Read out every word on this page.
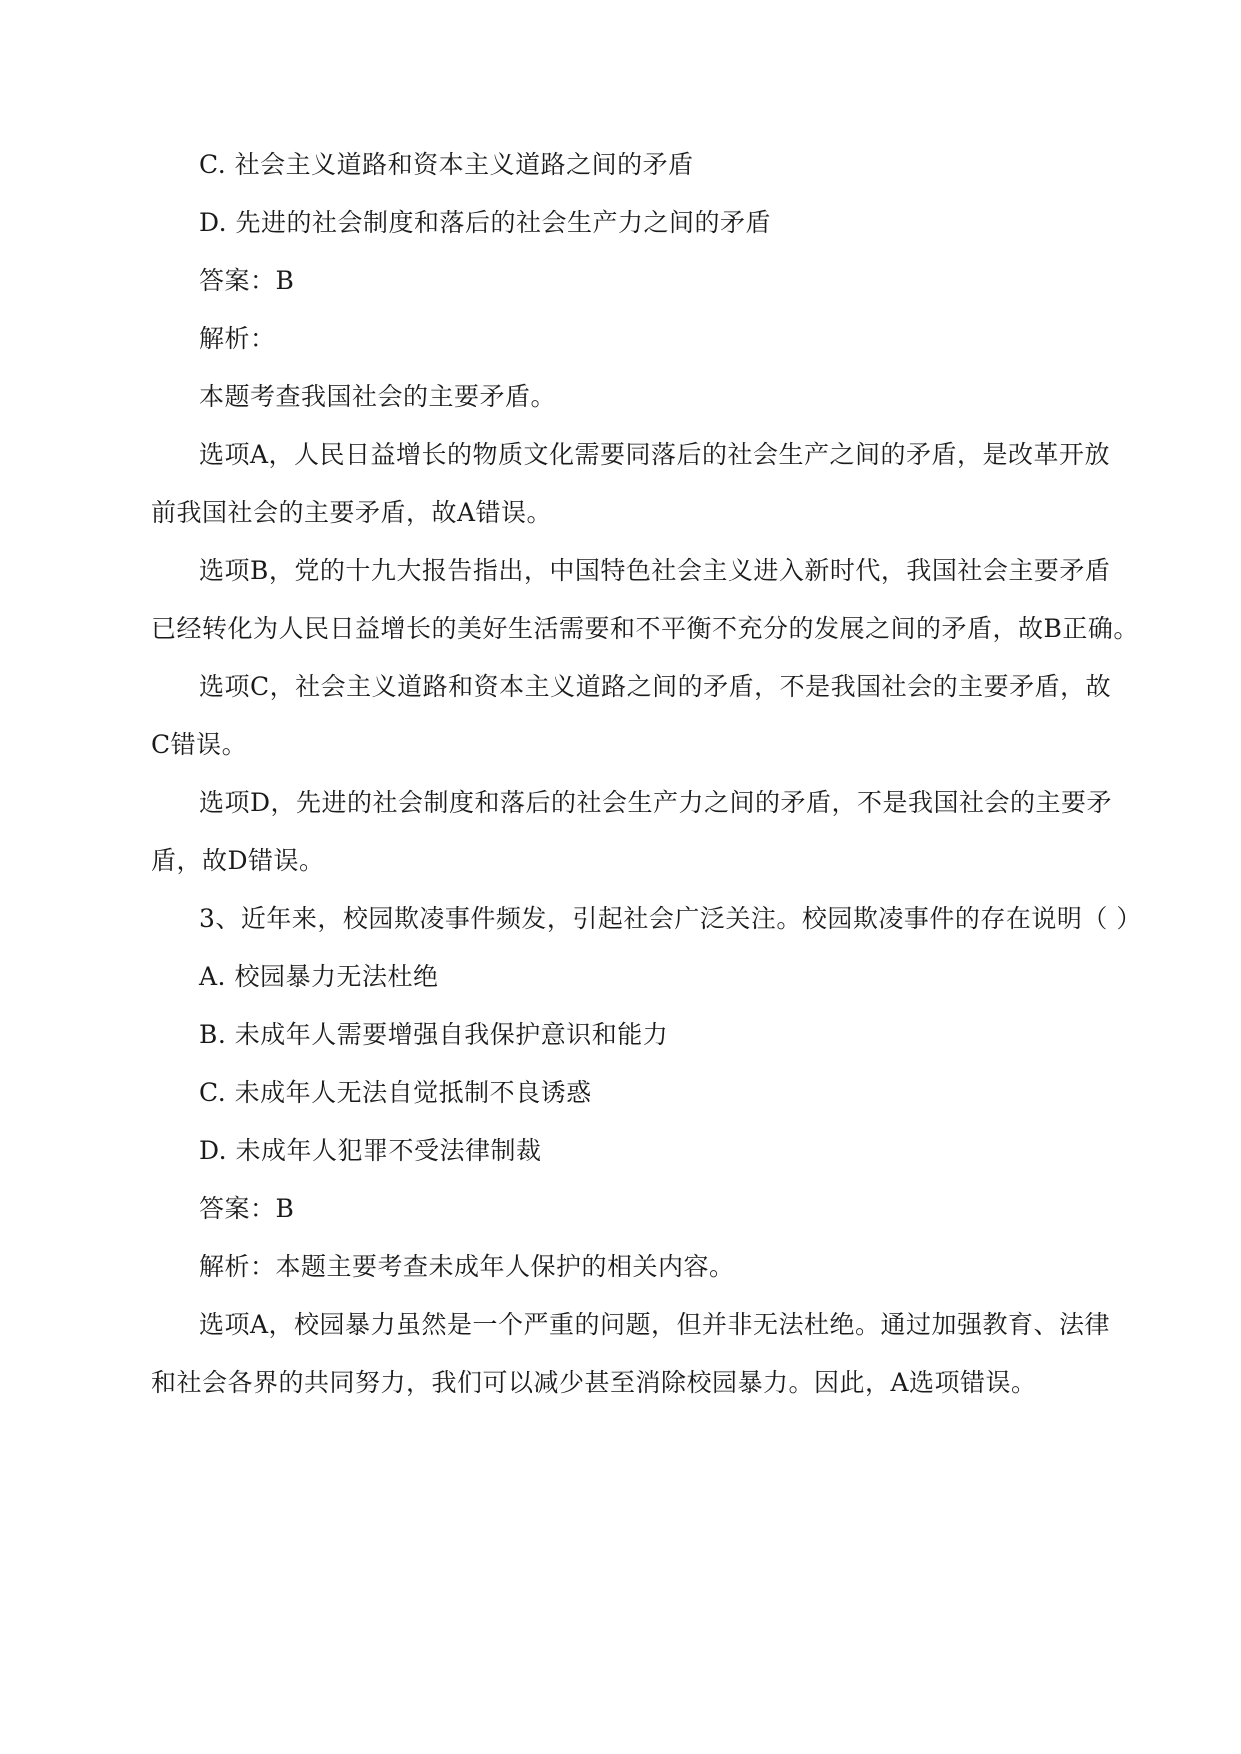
C. 社会主义道路和资本主义道路之间的矛盾
D. 先进的社会制度和落后的社会生产力之间的矛盾
答案：B
解析：
本题考查我国社会的主要矛盾。
选项A，人民日益增长的物质文化需要同落后的社会生产之间的矛盾，是改革开放
前我国社会的主要矛盾，故A错误。
选项B，党的十九大报告指出，中国特色社会主义进入新时代，我国社会主要矛盾
已经转化为人民日益增长的美好生活需要和不平衡不充分的发展之间的矛盾，故B正确。
选项C，社会主义道路和资本主义道路之间的矛盾，不是我国社会的主要矛盾，故
C错误。
选项D，先进的社会制度和落后的社会生产力之间的矛盾，不是我国社会的主要矛
盾，故D错误。
3、近年来，校园欺凌事件频发，引起社会广泛关注。校园欺凌事件的存在说明（ ）
A. 校园暴力无法杜绝
B. 未成年人需要增强自我保护意识和能力
C. 未成年人无法自觉抵制不良诱惑
D. 未成年人犯罪不受法律制裁
答案：B
解析：本题主要考查未成年人保护的相关内容。
选项A，校园暴力虽然是一个严重的问题，但并非无法杜绝。通过加强教育、法律
和社会各界的共同努力，我们可以减少甚至消除校园暴力。因此，A选项错误。
